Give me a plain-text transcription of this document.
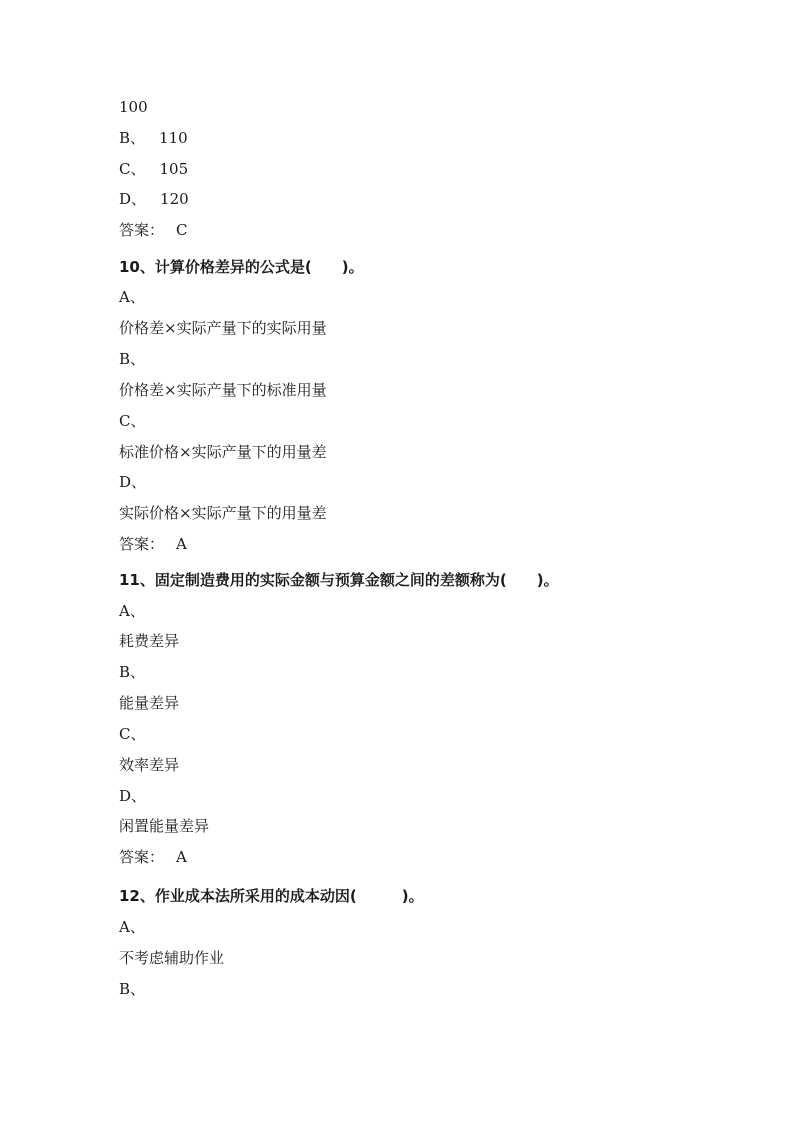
100
B、 110
C、 105
D、 120
答案： C
10、计算价格差异的公式是(　　)。
A、
价格差×实际产量下的实际用量
B、
价格差×实际产量下的标准用量
C、
标准价格×实际产量下的用量差
D、
实际价格×实际产量下的用量差
答案： A
11、固定制造费用的实际金额与预算金额之间的差额称为(　　)。
A、
耗费差异
B、
能量差异
C、
效率差异
D、
闲置能量差异
答案： A
12、作业成本法所采用的成本动因(　　　)。
A、
不考虑辅助作业
B、
